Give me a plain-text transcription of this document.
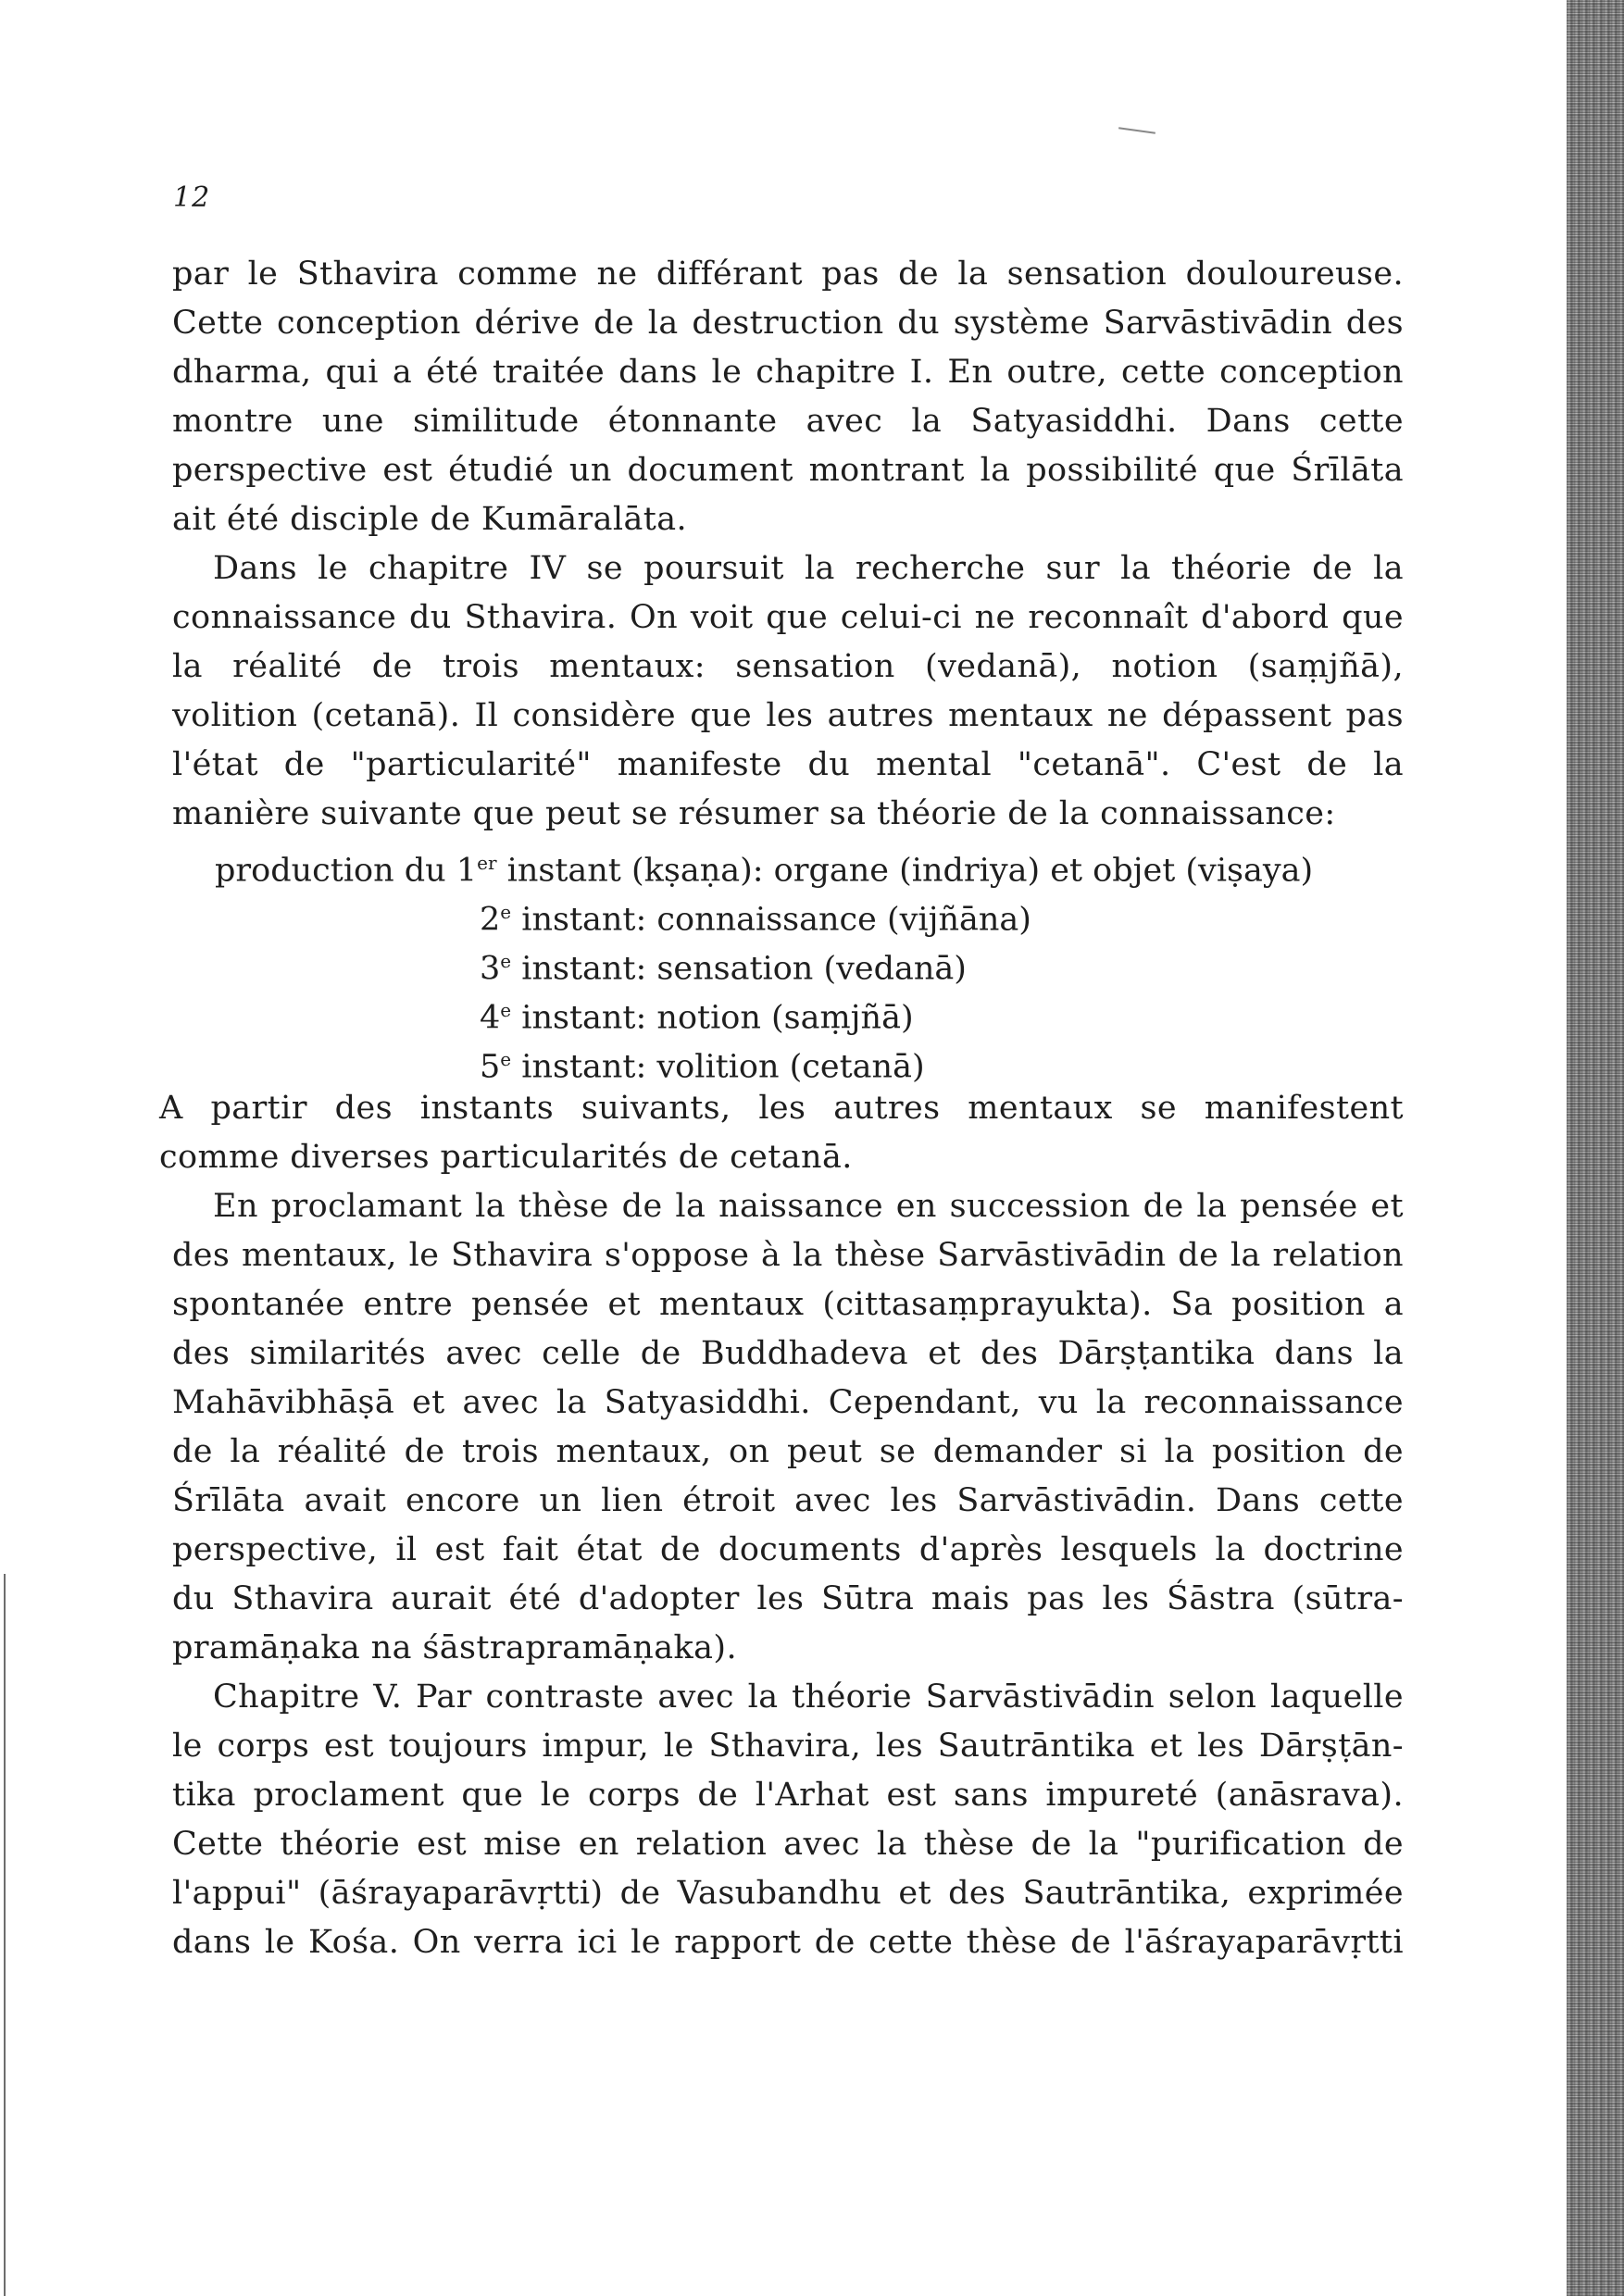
12
par le Sthavira comme ne différant pas de la sensation douloureuse.
Cette conception dérive de la destruction du système Sarvāstivādin des
dharma, qui a été traitée dans le chapitre I. En outre, cette conception
montre une similitude étonnante avec la Satyasiddhi. Dans cette
perspective est étudié un document montrant la possibilité que Śrīlāta
ait été disciple de Kumāralāta.
Dans le chapitre IV se poursuit la recherche sur la théorie de la
connaissance du Sthavira. On voit que celui-ci ne reconnaît d'abord que
la réalité de trois mentaux: sensation (vedanā), notion (saṃjñā),
volition (cetanā). Il considère que les autres mentaux ne dépassent pas
l'état de "particularité" manifeste du mental "cetanā". C'est de la
manière suivante que peut se résumer sa théorie de la connaissance:
production du 1er instant (kṣaṇa): organe (indriya) et objet (viṣaya)
2e instant: connaissance (vijñāna)
3e instant: sensation (vedanā)
4e instant: notion (saṃjñā)
5e instant: volition (cetanā)
A partir des instants suivants, les autres mentaux se manifestent
comme diverses particularités de cetanā.
En proclamant la thèse de la naissance en succession de la pensée et
des mentaux, le Sthavira s'oppose à la thèse Sarvāstivādin de la relation
spontanée entre pensée et mentaux (cittasaṃprayukta). Sa position a
des similarités avec celle de Buddhadeva et des Dārṣṭantika dans la
Mahāvibhāṣā et avec la Satyasiddhi. Cependant, vu la reconnaissance
de la réalité de trois mentaux, on peut se demander si la position de
Śrīlāta avait encore un lien étroit avec les Sarvāstivādin. Dans cette
perspective, il est fait état de documents d'après lesquels la doctrine
du Sthavira aurait été d'adopter les Sūtra mais pas les Śāstra (sūtra-
pramāṇaka na śāstrapramāṇaka).
Chapitre V. Par contraste avec la théorie Sarvāstivādin selon laquelle
le corps est toujours impur, le Sthavira, les Sautrāntika et les Dārṣṭān-
tika proclament que le corps de l'Arhat est sans impureté (anāsrava).
Cette théorie est mise en relation avec la thèse de la "purification de
l'appui" (āśrayaparāvṛtti) de Vasubandhu et des Sautrāntika, exprimée
dans le Kośa. On verra ici le rapport de cette thèse de l'āśrayaparāvṛtti
